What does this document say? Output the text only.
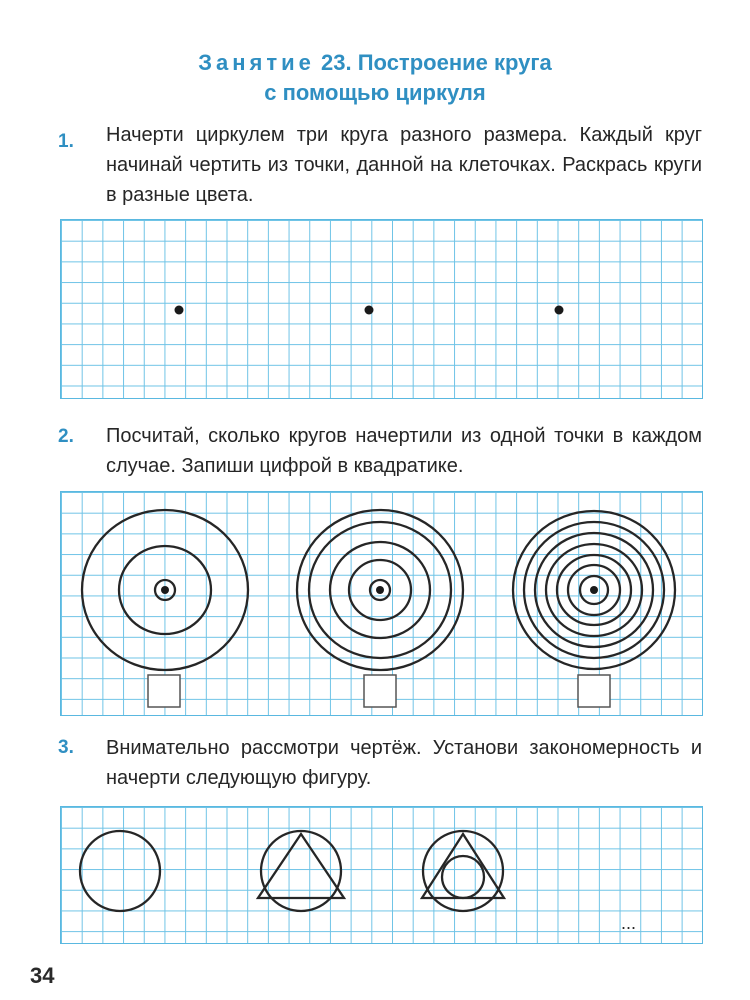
Занятие 23. Построение круга
с помощью циркуля
1. Начерти циркулем три круга разного размера. Каждый круг начинай чертить из точки, данной на клеточках. Раскрась круги в разные цвета.
2. Посчитай, сколько кругов начертили из одной точки в каждом случае. Запиши цифрой в квадратике.
3. Внимательно рассмотри чертёж. Установи закономерность и начерти следующую фигуру.
...
34
